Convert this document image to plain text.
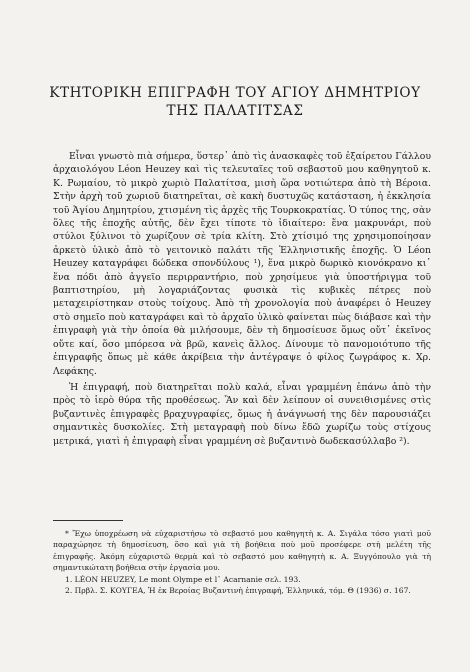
ΚΤΗΤΟΡΙΚΗ ΕΠΙΓΡΑΦΗ ΤΟΥ ΑΓΙΟΥ ΔΗΜΗΤΡΙΟΥ
ΤΗΣ ΠΑΛΑΤΙΤΣΑΣ

Εἶναι γνωστὸ πιὰ σήμερα, ὕστερ᾽ ἀπὸ τὶς ἀνασκαφὲς τοῦ ἐξαίρετου Γάλλου ἀρχαιολόγου Léon Heuzey καὶ τὶς τελευταῖες τοῦ σεβαστοῦ μου καθηγητοῦ κ. Κ. Ρωμαίου, τὸ μικρὸ χωριὸ Παλατίτσα, μισὴ ὥρα νοτιώτερα ἀπὸ τὴ Βέροια. Στὴν ἀρχὴ τοῦ χωριοῦ διατηρεῖται, σὲ κακὴ δυστυχῶς κατάσταση, ἡ ἐκκλησία τοῦ Ἁγίου Δημητρίου, χτισμένη τὶς ἀρχὲς τῆς Τουρκοκρατίας. Ὁ τύπος της, σὰν ὅλες τῆς ἐποχῆς αὐτῆς, δὲν ἔχει τίποτε τὸ ἰδιαίτερο: ἕνα μακρυνάρι, ποὺ στύλοι ξύλινοι τὸ χωρίζουν σὲ τρία κλίτη. Στὸ χτίσιμό της χρησιμοποίησαν ἀρκετὸ ὑλικὸ ἀπὸ τὸ γειτονικὸ παλάτι τῆς Ἑλληνιστικῆς ἐποχῆς. Ὁ Léon Heuzey καταγράφει δώδεκα σπονδύλους ¹), ἕνα μικρὸ δωρικὸ κιονόκρανο κι᾽ ἕνα πόδι ἀπὸ ἀγγεῖο περιρραντήριο, ποὺ χρησίμευε γιὰ ὑποστήριγμα τοῦ βαπτιστηρίου, μὴ λογαριάζοντας φυσικὰ τὶς κυβικὲς πέτρες ποὺ μεταχειρίστηκαν στοὺς τοίχους. Ἀπὸ τὴ χρονολογία ποὺ ἀναφέρει ὁ Heuzey στὸ σημεῖο ποὺ καταγράφει καὶ τὸ ἀρχαῖο ὑλικὸ φαίνεται πὼς διάβασε καὶ τὴν ἐπιγραφὴ γιὰ τὴν ὁποία θὰ μιλήσουμε, δὲν τὴ δημοσίευσε ὅμως οὔτ᾽ ἐκεῖνος οὔτε καί, ὅσο μπόρεσα νὰ βρῶ, κανεὶς ἄλλος. Δίνουμε τὸ πανομοιότυπο τῆς ἐπιγραφῆς ὅπως μὲ κάθε ἀκρίβεια τὴν ἀντέγραψε ὁ φίλος ζωγράφος κ. Χρ. Λεφάκης.

Ἡ ἐπιγραφή, ποὺ διατηρεῖται πολὺ καλά, εἶναι γραμμένη ἐπάνω ἀπὸ τὴν πρὸς τὸ ἱερὸ θύρα τῆς προθέσεως. Ἂν καὶ δὲν λείπουν οἱ συνειθισμένες στὶς βυζαντινὲς ἐπιγραφὲς βραχυγραφίες, ὅμως ἡ ἀνάγνωσή της δὲν παρουσιάζει σημαντικὲς δυσκολίες. Στὴ μεταγραφὴ ποὺ δίνω ἔδῶ χωρίζω τοὺς στίχους μετρικά, γιατὶ ἡ ἐπιγραφὴ εἶναι γραμμένη σὲ βυζαντινὸ δωδεκασύλλαβο ²).

* Ἔχω ὑποχρέωση νὰ εὐχαριστήσω τὸ σεβαστό μου καθηγητὴ κ. Α. Σιγάλα τόσο γιατὶ μοῦ παραχώρησε τὴ δημοσίευση, ὅσο καὶ γιὰ τὴ βοήθεια ποὺ μοῦ προσέφερε στὴ μελέτη τῆς ἐπιγραφῆς. Ἀκόμη εὐχαριστῶ θερμὰ καὶ τὸ σεβαστό μου καθηγητὴ κ. Α. Ξυγγόπουλο γιὰ τὴ σημαντικώτατη βοήθεια στὴν ἐργασία μου.

1. LÉON HEUZEY, Le mont Olympe et l᾽ Acarnanie σελ. 193.

2. Πρβλ. Σ. ΚΟΥΓΕΑ, Ἡ ἐκ Βεροίας Βυζαντινὴ ἐπιγραφή, Ἑλληνικά, τόμ. Θ (1936) σ. 167.
